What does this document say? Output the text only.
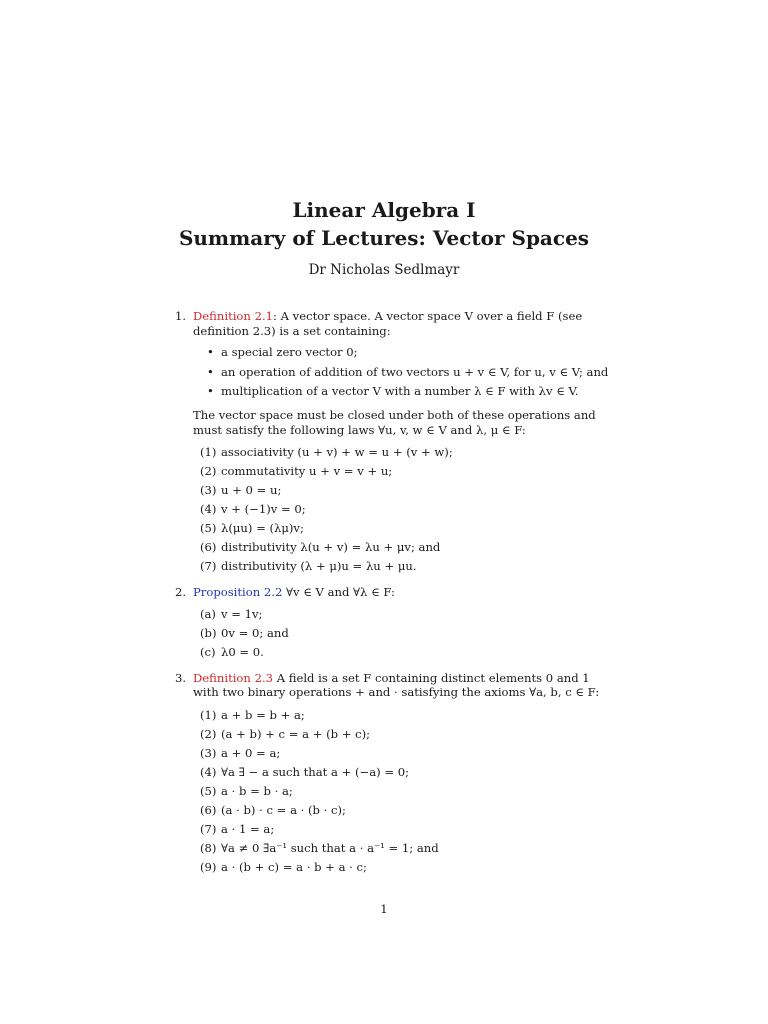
Linear Algebra I
Summary of Lectures: Vector Spaces
Dr Nicholas Sedlmayr
1. Definition 2.1: A vector space. A vector space V over a field F (see definition 2.3) is a set containing:

• a special zero vector 0;
• an operation of addition of two vectors u + v ∈ V, for u, v ∈ V; and
• multiplication of a vector V with a number λ ∈ F with λv ∈ V.

The vector space must be closed under both of these operations and must satisfy the following laws ∀u, v, w ∈ V and λ, μ ∈ F:

(1) associativity (u + v) + w = u + (v + w);
(2) commutativity u + v = v + u;
(3) u + 0 = u;
(4) v + (−1)v = 0;
(5) λ(μu) = (λμ)v;
(6) distributivity λ(u + v) = λu + μv; and
(7) distributivity (λ + μ)u = λu + μu.
2. Proposition 2.2 ∀v ∈ V and ∀λ ∈ F:

(a) v = 1v;
(b) 0v = 0; and
(c) λ0 = 0.
3. Definition 2.3 A field is a set F containing distinct elements 0 and 1 with two binary operations + and · satisfying the axioms ∀a, b, c ∈ F:

(1) a + b = b + a;
(2) (a + b) + c = a + (b + c);
(3) a + 0 = a;
(4) ∀a ∃ − a such that a + (−a) = 0;
(5) a · b = b · a;
(6) (a · b) · c = a · (b · c);
(7) a · 1 = a;
(8) ∀a ≠ 0 ∃a⁻¹ such that a · a⁻¹ = 1; and
(9) a · (b + c) = a · b + a · c;
1
